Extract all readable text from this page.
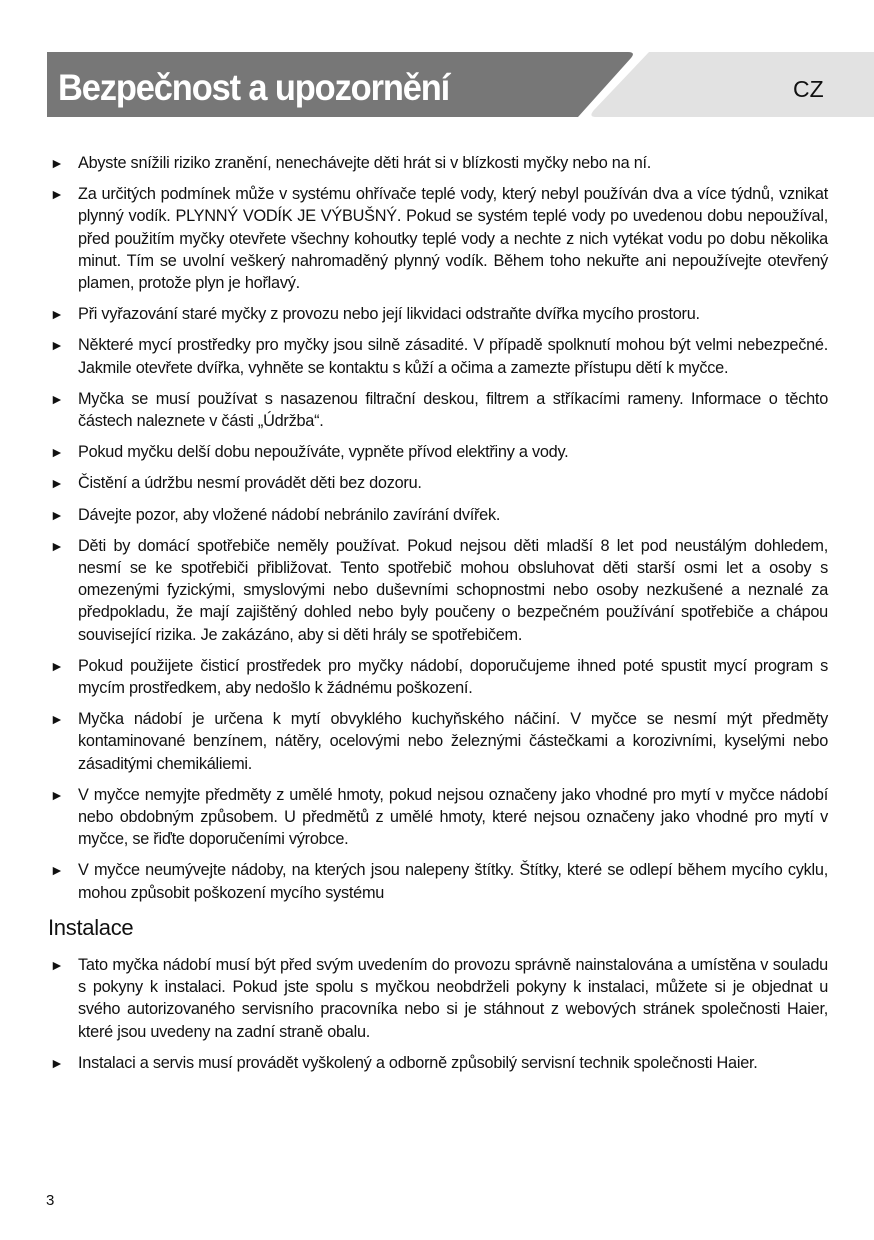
Bezpečnost a upozornění	CZ
► Abyste snížili riziko zranění, nenechávejte děti hrát si v blízkosti myčky nebo na ní.
► Za určitých podmínek může v systému ohřívače teplé vody, který nebyl používán dva a více týdnů, vznikat plynný vodík. PLYNNÝ VODÍK JE VÝBUŠNÝ. Pokud se systém teplé vody po uvedenou dobu nepoužíval, před použitím myčky otevřete všechny kohoutky teplé vody a nechte z nich vytékat vodu po dobu několika minut. Tím se uvolní veškerý nahromaděný plynný vodík. Během toho nekuřte ani nepoužívejte otevřený plamen, protože plyn je hořlavý.
► Při vyřazování staré myčky z provozu nebo její likvidaci odstraňte dvířka mycího prostoru.
► Některé mycí prostředky pro myčky jsou silně zásadité. V případě spolknutí mohou být velmi nebezpečné. Jakmile otevřete dvířka, vyhněte se kontaktu s kůží a očima a zamezte přístupu dětí k myčce.
► Myčka se musí používat s nasazenou filtrační deskou, filtrem a stříkacími rameny. Informace o těchto částech naleznete v části „Údržba“.
► Pokud myčku delší dobu nepoužíváte, vypněte přívod elektřiny a vody.
► Čistění a údržbu nesmí provádět děti bez dozoru.
► Dávejte pozor, aby vložené nádobí nebránilo zavírání dvířek.
► Děti by domácí spotřebiče neměly používat. Pokud nejsou děti mladší 8 let pod neustálým dohledem, nesmí se ke spotřebiči přibližovat. Tento spotřebič mohou obsluhovat děti starší osmi let a osoby s omezenými fyzickými, smyslovými nebo duševními schopnostmi nebo osoby nezkušené a neznalé za předpokladu, že mají zajištěný dohled nebo byly poučeny o bezpečném používání spotřebiče a chápou související rizika. Je zakázáno, aby si děti hrály se spotřebičem.
► Pokud použijete čisticí prostředek pro myčky nádobí, doporučujeme ihned poté spustit mycí program s mycím prostředkem, aby nedošlo k žádnému poškození.
► Myčka nádobí je určena k mytí obvyklého kuchyňského náčiní. V myčce se nesmí mýt předměty kontaminované benzínem, nátěry, ocelovými nebo železnými částečkami a korozivními, kyselými nebo zásaditými chemikáliemi.
► V myčce nemyjte předměty z umělé hmoty, pokud nejsou označeny jako vhodné pro mytí v myčce nádobí nebo obdobným způsobem. U předmětů z umělé hmoty, které nejsou označeny jako vhodné pro mytí v myčce, se řiďte doporučeními výrobce.
► V myčce neumývejte nádoby, na kterých jsou nalepeny štítky. Štítky, které se odlepí během mycího cyklu, mohou způsobit poškození mycího systému
Instalace
► Tato myčka nádobí musí být před svým uvedením do provozu správně nainstalována a umístěna v souladu s pokyny k instalaci. Pokud jste spolu s myčkou neobdrželi pokyny k instalaci, můžete si je objednat u svého autorizovaného servisního pracovníka nebo si je stáhnout z webových stránek společnosti Haier, které jsou uvedeny na zadní straně obalu.
► Instalaci a servis musí provádět vyškolený a odborně způsobilý servisní technik společnosti Haier.
3
